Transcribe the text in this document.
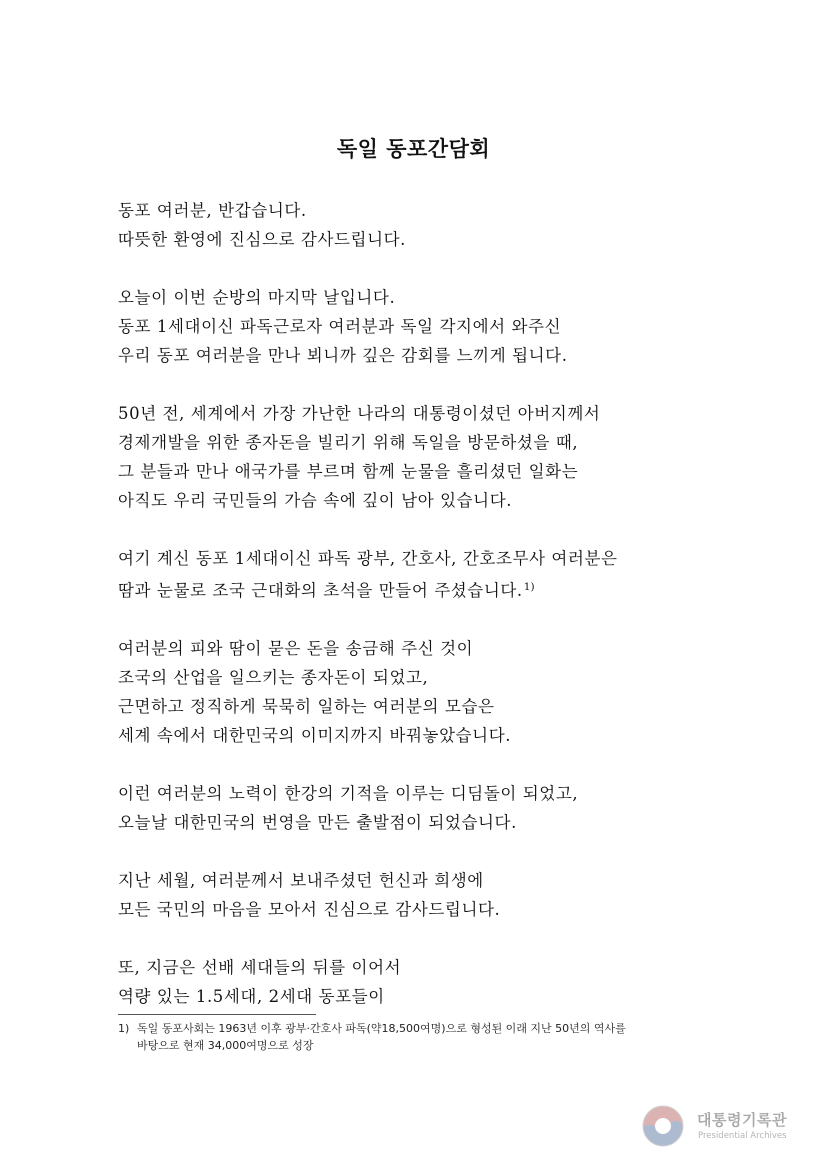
독일 동포간담회
동포 여러분, 반갑습니다.
따뜻한 환영에 진심으로 감사드립니다.
오늘이 이번 순방의 마지막 날입니다.
동포 1세대이신 파독근로자 여러분과 독일 각지에서 와주신
우리 동포 여러분을 만나 뵈니까 깊은 감회를 느끼게 됩니다.
50년 전, 세계에서 가장 가난한 나라의 대통령이셨던 아버지께서
경제개발을 위한 종자돈을 빌리기 위해 독일을 방문하셨을 때,
그 분들과 만나 애국가를 부르며 함께 눈물을 흘리셨던 일화는
아직도 우리 국민들의 가슴 속에 깊이 남아 있습니다.
여기 계신 동포 1세대이신 파독 광부, 간호사, 간호조무사 여러분은
땀과 눈물로 조국 근대화의 초석을 만들어 주셨습니다.$^{1)}$
여러분의 피와 땀이 묻은 돈을 송금해 주신 것이
조국의 산업을 일으키는 종자돈이 되었고,
근면하고 정직하게 묵묵히 일하는 여러분의 모습은
세계 속에서 대한민국의 이미지까지 바꿔놓았습니다.
이런 여러분의 노력이 한강의 기적을 이루는 디딤돌이 되었고,
오늘날 대한민국의 번영을 만든 출발점이 되었습니다.
지난 세월, 여러분께서 보내주셨던 헌신과 희생에
모든 국민의 마음을 모아서 진심으로 감사드립니다.
또, 지금은 선배 세대들의 뒤를 이어서
역량 있는 1.5세대, 2세대 동포들이
1) 독일 동포사회는 1963년 이후 광부·간호사 파독(약18,500여명)으로 형성된 이래 지난 50년의 역사를
바탕으로 현재 34,000여명으로 성장
대통령기록관
Presidential Archives
